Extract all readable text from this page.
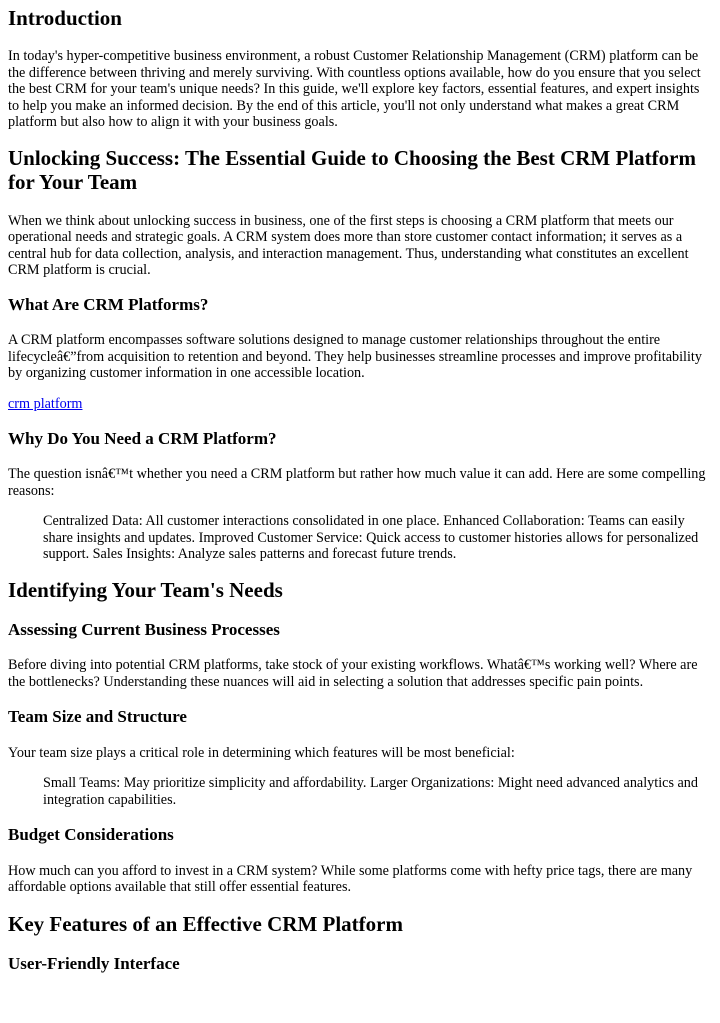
Introduction

In today's hyper-competitive business environment, a robust Customer Relationship Management (CRM) platform can be the difference between thriving and merely surviving. With countless options available, how do you ensure that you select the best CRM for your team's unique needs? In this guide, we'll explore key factors, essential features, and expert insights to help you make an informed decision. By the end of this article, you'll not only understand what makes a great CRM platform but also how to align it with your business goals.

Unlocking Success: The Essential Guide to Choosing the Best CRM Platform for Your Team

When we think about unlocking success in business, one of the first steps is choosing a CRM platform that meets our operational needs and strategic goals. A CRM system does more than store customer contact information; it serves as a central hub for data collection, analysis, and interaction management. Thus, understanding what constitutes an excellent CRM platform is crucial.

What Are CRM Platforms?

A CRM platform encompasses software solutions designed to manage customer relationships throughout the entire lifecycleâ€”from acquisition to retention and beyond. They help businesses streamline processes and improve profitability by organizing customer information in one accessible location.

crm platform

Why Do You Need a CRM Platform?

The question isnâ€™t whether you need a CRM platform but rather how much value it can add. Here are some compelling reasons:

Centralized Data: All customer interactions consolidated in one place. Enhanced Collaboration: Teams can easily share insights and updates. Improved Customer Service: Quick access to customer histories allows for personalized support. Sales Insights: Analyze sales patterns and forecast future trends.

Identifying Your Team's Needs
Assessing Current Business Processes

Before diving into potential CRM platforms, take stock of your existing workflows. Whatâ€™s working well? Where are the bottlenecks? Understanding these nuances will aid in selecting a solution that addresses specific pain points.

Team Size and Structure

Your team size plays a critical role in determining which features will be most beneficial:

Small Teams: May prioritize simplicity and affordability. Larger Organizations: Might need advanced analytics and integration capabilities.

Budget Considerations

How much can you afford to invest in a CRM system? While some platforms come with hefty price tags, there are many affordable options available that still offer essential features.

Key Features of an Effective CRM Platform
User-Friendly Interface
